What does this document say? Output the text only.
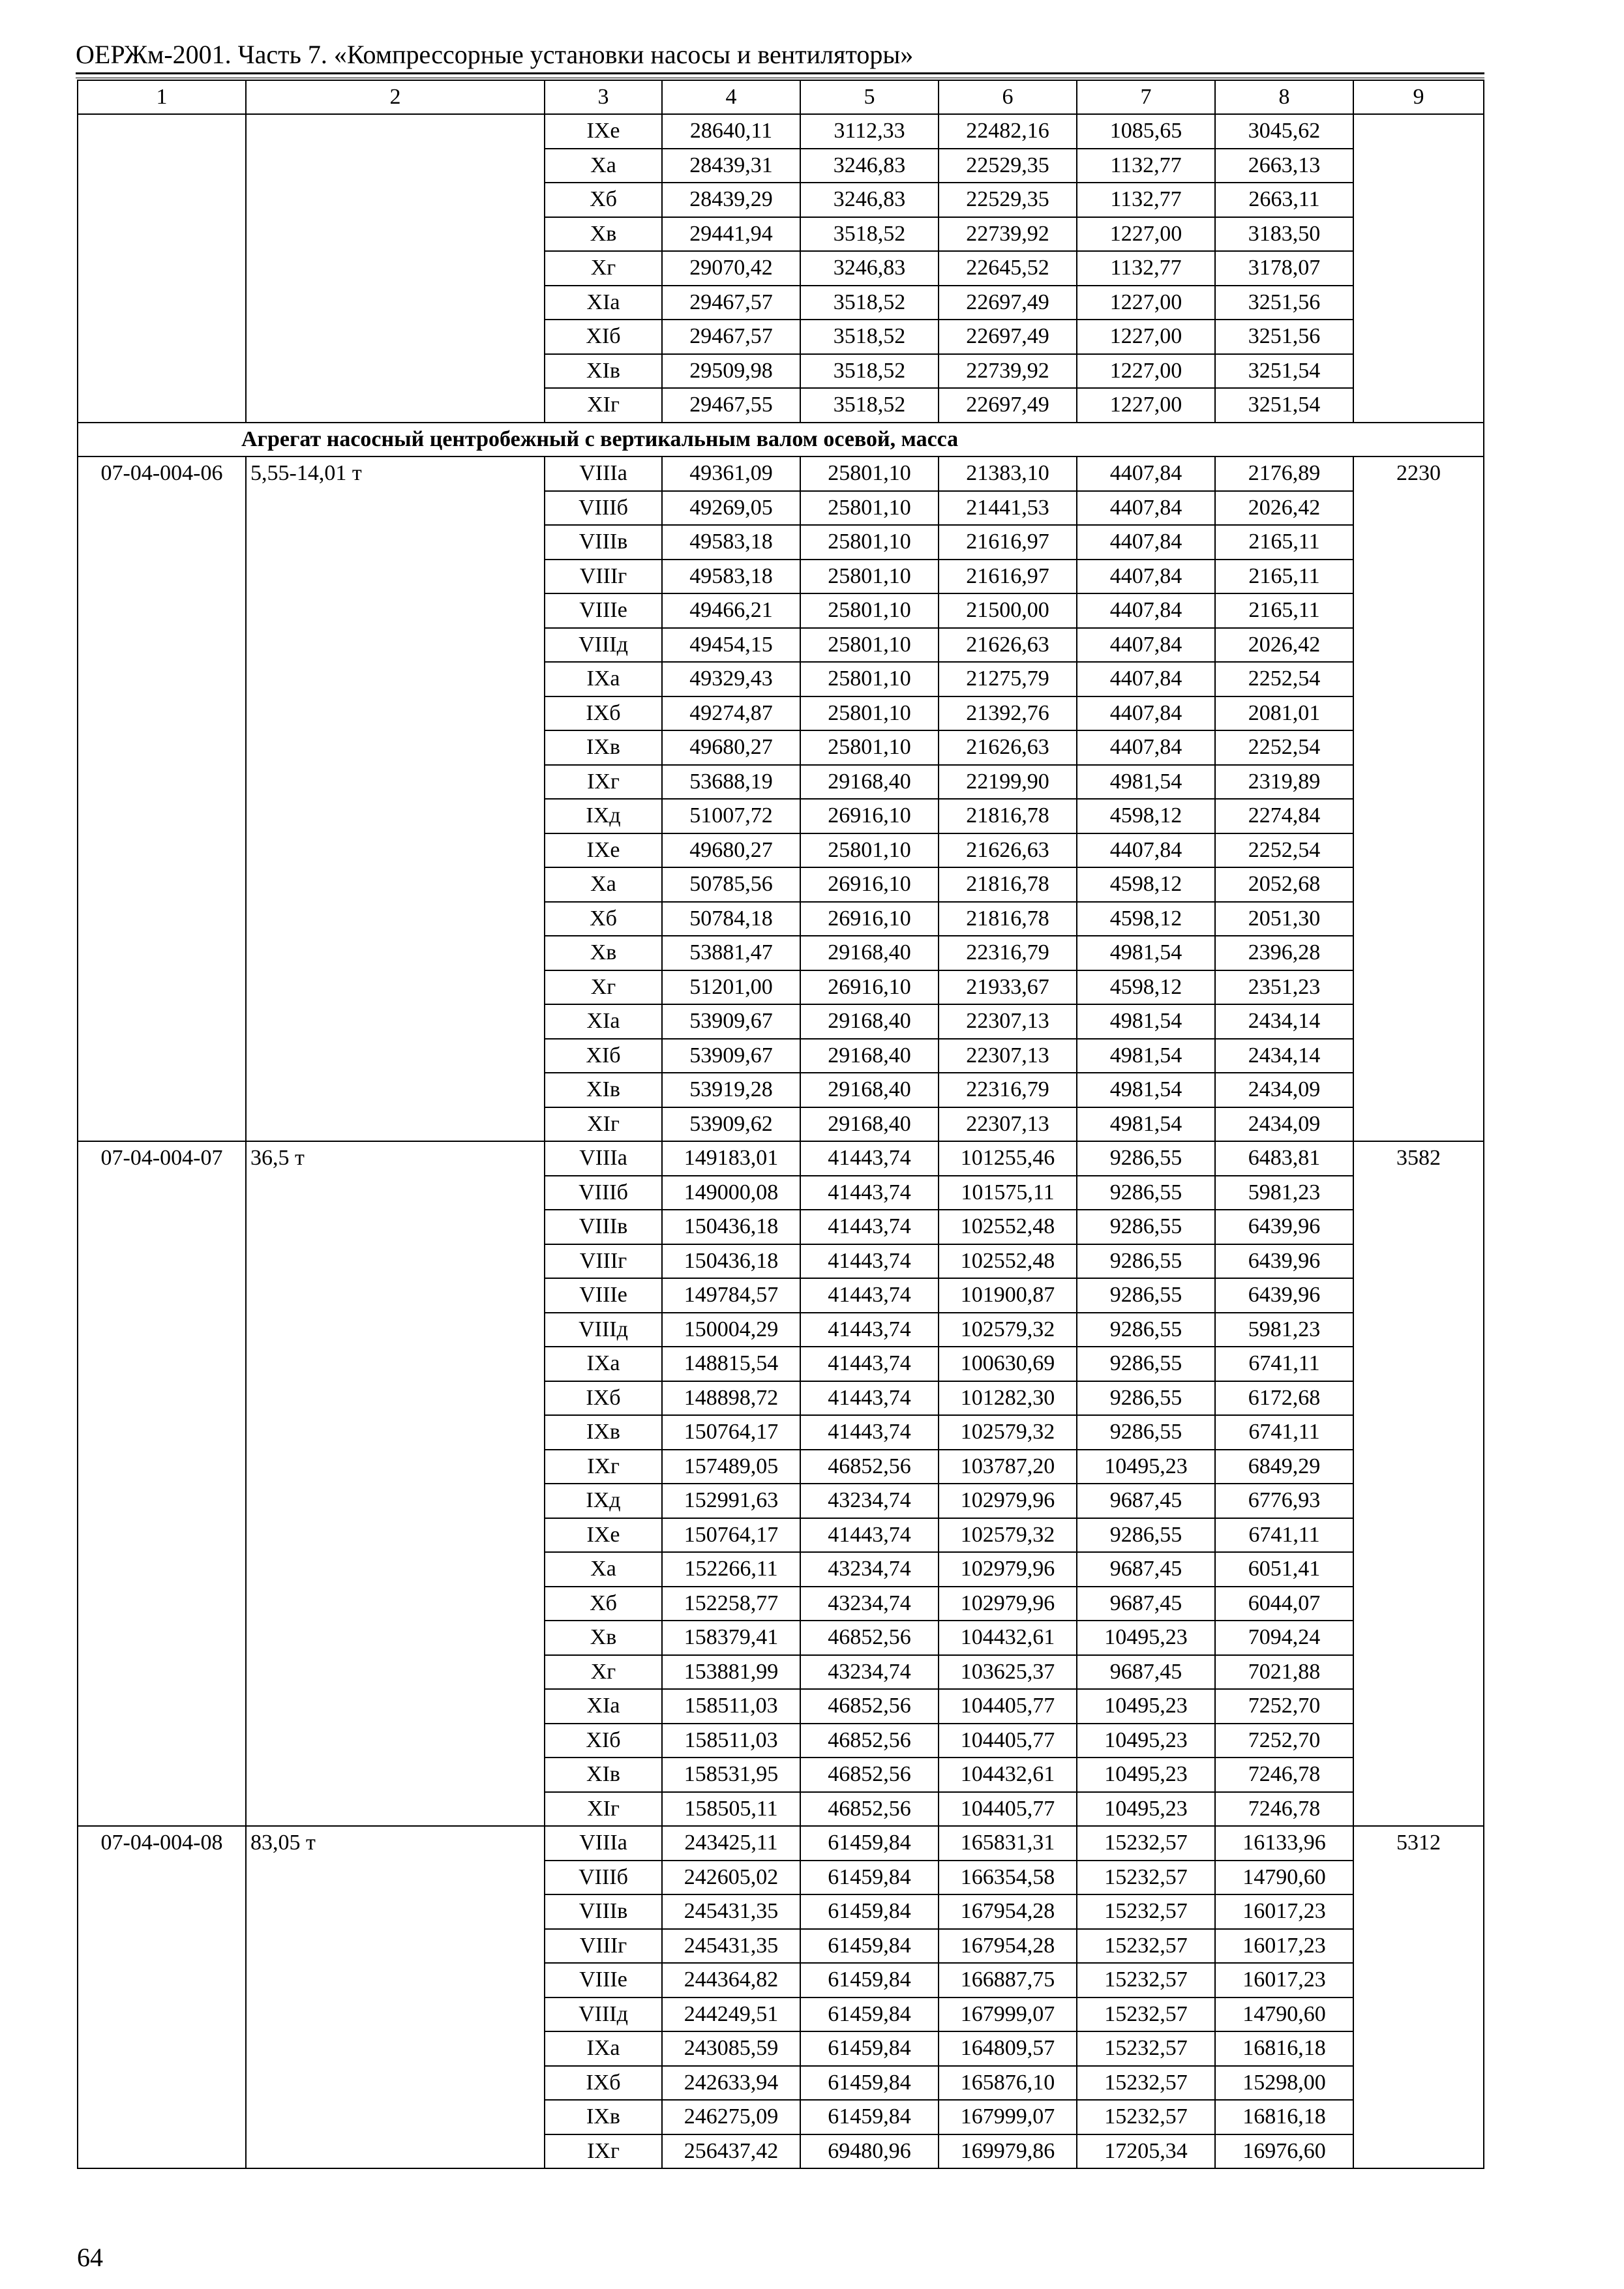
ОЕРЖм-2001. Часть 7. «Компрессорные установки насосы и вентиляторы»
1	2	3	4	5	6	7	8	9
		IXе	28640,11	3112,33	22482,16	1085,65	3045,62	
		Xа	28439,31	3246,83	22529,35	1132,77	2663,13	
		Xб	28439,29	3246,83	22529,35	1132,77	2663,11	
		Xв	29441,94	3518,52	22739,92	1227,00	3183,50	
		Xг	29070,42	3246,83	22645,52	1132,77	3178,07	
		XIа	29467,57	3518,52	22697,49	1227,00	3251,56	
		XIб	29467,57	3518,52	22697,49	1227,00	3251,56	
		XIв	29509,98	3518,52	22739,92	1227,00	3251,54	
		XIг	29467,55	3518,52	22697,49	1227,00	3251,54	
Агрегат насосный центробежный с вертикальным валом осевой, масса								
07-04-004-06	5,55-14,01 т	VIIIа	49361,09	25801,10	21383,10	4407,84	2176,89	2230
		VIIIб	49269,05	25801,10	21441,53	4407,84	2026,42	
		VIIIв	49583,18	25801,10	21616,97	4407,84	2165,11	
		VIIIг	49583,18	25801,10	21616,97	4407,84	2165,11	
		VIIIе	49466,21	25801,10	21500,00	4407,84	2165,11	
		VIIIд	49454,15	25801,10	21626,63	4407,84	2026,42	
		IXа	49329,43	25801,10	21275,79	4407,84	2252,54	
		IXб	49274,87	25801,10	21392,76	4407,84	2081,01	
		IXв	49680,27	25801,10	21626,63	4407,84	2252,54	
		IXг	53688,19	29168,40	22199,90	4981,54	2319,89	
		IXд	51007,72	26916,10	21816,78	4598,12	2274,84	
		IXе	49680,27	25801,10	21626,63	4407,84	2252,54	
		Xа	50785,56	26916,10	21816,78	4598,12	2052,68	
		Xб	50784,18	26916,10	21816,78	4598,12	2051,30	
		Xв	53881,47	29168,40	22316,79	4981,54	2396,28	
		Xг	51201,00	26916,10	21933,67	4598,12	2351,23	
		XIа	53909,67	29168,40	22307,13	4981,54	2434,14	
		XIб	53909,67	29168,40	22307,13	4981,54	2434,14	
		XIв	53919,28	29168,40	22316,79	4981,54	2434,09	
		XIг	53909,62	29168,40	22307,13	4981,54	2434,09	
07-04-004-07	36,5 т	VIIIа	149183,01	41443,74	101255,46	9286,55	6483,81	3582
		VIIIб	149000,08	41443,74	101575,11	9286,55	5981,23	
		VIIIв	150436,18	41443,74	102552,48	9286,55	6439,96	
		VIIIг	150436,18	41443,74	102552,48	9286,55	6439,96	
		VIIIе	149784,57	41443,74	101900,87	9286,55	6439,96	
		VIIIд	150004,29	41443,74	102579,32	9286,55	5981,23	
		IXа	148815,54	41443,74	100630,69	9286,55	6741,11	
		IXб	148898,72	41443,74	101282,30	9286,55	6172,68	
		IXв	150764,17	41443,74	102579,32	9286,55	6741,11	
		IXг	157489,05	46852,56	103787,20	10495,23	6849,29	
		IXд	152991,63	43234,74	102979,96	9687,45	6776,93	
		IXе	150764,17	41443,74	102579,32	9286,55	6741,11	
		Xа	152266,11	43234,74	102979,96	9687,45	6051,41	
		Xб	152258,77	43234,74	102979,96	9687,45	6044,07	
		Xв	158379,41	46852,56	104432,61	10495,23	7094,24	
		Xг	153881,99	43234,74	103625,37	9687,45	7021,88	
		XIа	158511,03	46852,56	104405,77	10495,23	7252,70	
		XIб	158511,03	46852,56	104405,77	10495,23	7252,70	
		XIв	158531,95	46852,56	104432,61	10495,23	7246,78	
		XIг	158505,11	46852,56	104405,77	10495,23	7246,78	
07-04-004-08	83,05 т	VIIIа	243425,11	61459,84	165831,31	15232,57	16133,96	5312
		VIIIб	242605,02	61459,84	166354,58	15232,57	14790,60	
		VIIIв	245431,35	61459,84	167954,28	15232,57	16017,23	
		VIIIг	245431,35	61459,84	167954,28	15232,57	16017,23	
		VIIIе	244364,82	61459,84	166887,75	15232,57	16017,23	
		VIIIд	244249,51	61459,84	167999,07	15232,57	14790,60	
		IXа	243085,59	61459,84	164809,57	15232,57	16816,18	
		IXб	242633,94	61459,84	165876,10	15232,57	15298,00	
		IXв	246275,09	61459,84	167999,07	15232,57	16816,18	
		IXг	256437,42	69480,96	169979,86	17205,34	16976,60	
64
